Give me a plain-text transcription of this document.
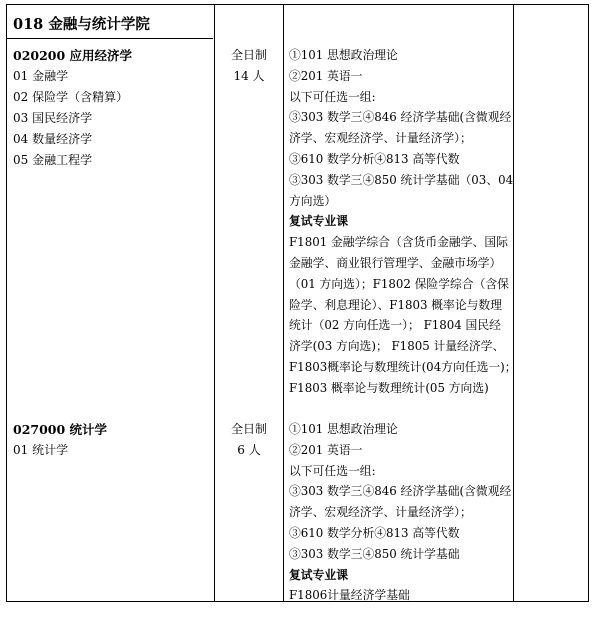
018 金融与统计学院
020200 应用经济学
01 金融学
02 保险学（含精算）
03 国民经济学
04 数量经济学
05 金融工程学
全日制
14 人
①101 思想政治理论
②201 英语一
以下可任选一组:
③303 数学三④846 经济学基础(含微观经
济学、宏观经济学、计量经济学）；
③610 数学分析④813 高等代数
③303 数学三④850 统计学基础（03、04
方向选）
复试专业课
F1801 金融学综合（含货币金融学、国际
金融学、商业银行管理学、金融市场学）
（01 方向选）；F1802 保险学综合（含保
险学、利息理论）、F1803 概率论与数理
统计（02 方向任选一）； F1804 国民经
济学(03 方向选)； F1805 计量经济学、
F1803概率论与数理统计(04方向任选一)；
F1803 概率论与数理统计(05 方向选)
027000 统计学
01 统计学
全日制
6 人
①101 思想政治理论
②201 英语一
以下可任选一组:
③303 数学三④846 经济学基础(含微观经
济学、宏观经济学、计量经济学）；
③610 数学分析④813 高等代数
③303 数学三④850 统计学基础
复试专业课
F1806计量经济学基础
